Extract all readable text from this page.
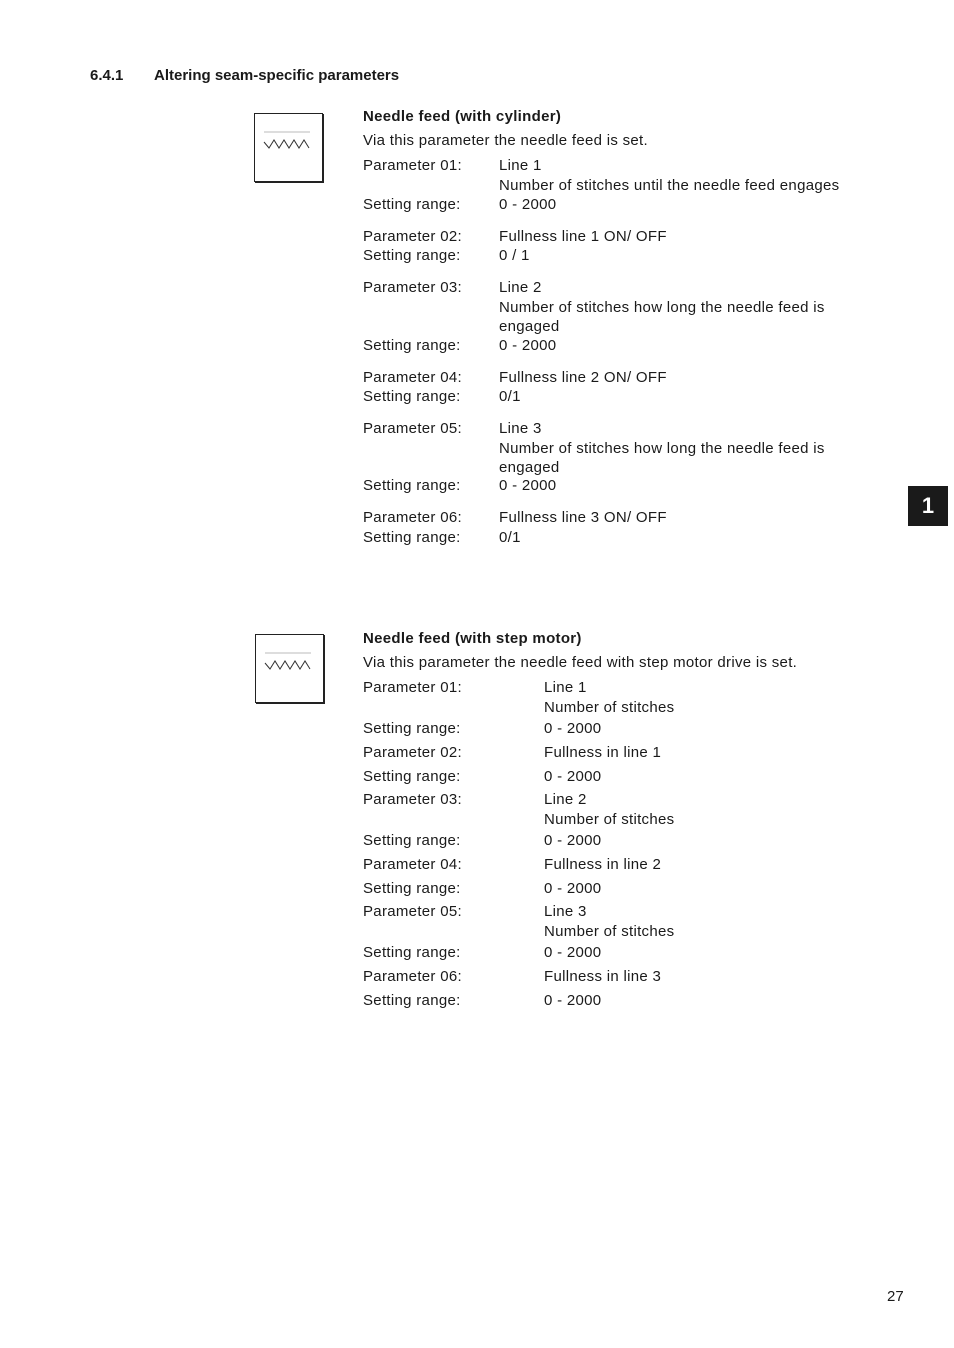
6.4.1 Altering seam-specific parameters
Needle feed (with cylinder)
Via this parameter the needle feed is set.
Parameter 01: Line 1
Number of stitches until the needle feed engages
Setting range:	0 - 2000
Parameter 02: Fullness line 1 ON/ OFF
Setting range:	0 / 1
Parameter 03: Line 2
Number of stitches how long the needle feed is
engaged
Setting range:	0 - 2000
Parameter 04: Fullness line 2 ON/ OFF
Setting range:	0/1
Parameter 05: Line 3
Number of stitches how long the needle feed is
engaged
Setting range:	0 - 2000
Parameter 06: Fullness line 3 ON/ OFF
Setting range:	0/1
Needle feed (with step motor)
Via this parameter the needle feed with step motor drive is set.
Parameter 01:	Line 1
Number of stitches
Setting range:	0 - 2000
Parameter 02:	Fullness in line 1
Setting range:	0 - 2000
Parameter 03:	Line 2
Number of stitches
Setting range:	0 - 2000
Parameter 04:	Fullness in line 2
Setting range:	0 - 2000
Parameter 05:	Line 3
Number of stitches
Setting range:	0 - 2000
Parameter 06:	Fullness in line 3
Setting range:	0 - 2000
1
27
